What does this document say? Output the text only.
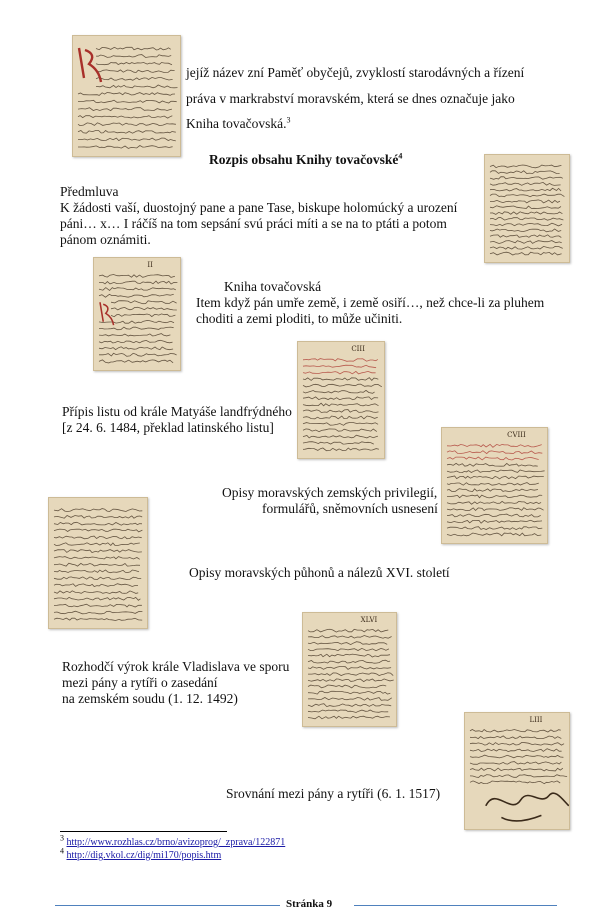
II
CIII
CVIII
XLVI
LIII
jejíž název zní Paměť obyčejů, zvyklostí starodávných a řízení
práva v markrabství moravském, která se dnes označuje jako
Kniha tovačovská.$^3$
Rozpis obsahu Knihy tovačovské$^4$
Předmluva
K žádosti vaší, duostojný pane a pane Tase, biskupe holomúcký a urození
páni… x… I ráčíš na tom sepsání svú práci míti a se na to ptáti a potom
pánom oznámiti.
Kniha tovačovská
Item když pán umře země, i země osiří…, než chce-li za pluhem
choditi a zemi ploditi, to může učiniti.
Přípis listu od krále Matyáše landfrýdného
[z 24. 6. 1484, překlad latinského listu]
Opisy moravských zemských privilegií,
formulářů, sněmovních usnesení
Opisy moravských půhonů a nálezů XVI. století
Rozhodčí výrok krále Vladislava ve sporu
mezi pány a rytíři o zasedání
na zemském soudu (1. 12. 1492)
Srovnání mezi pány a rytíři (6. 1. 1517)
$^3$ http://www.rozhlas.cz/brno/avizoprog/_zprava/122871
$^4$ http://dig.vkol.cz/dig/mi170/popis.htm
Stránka 9
